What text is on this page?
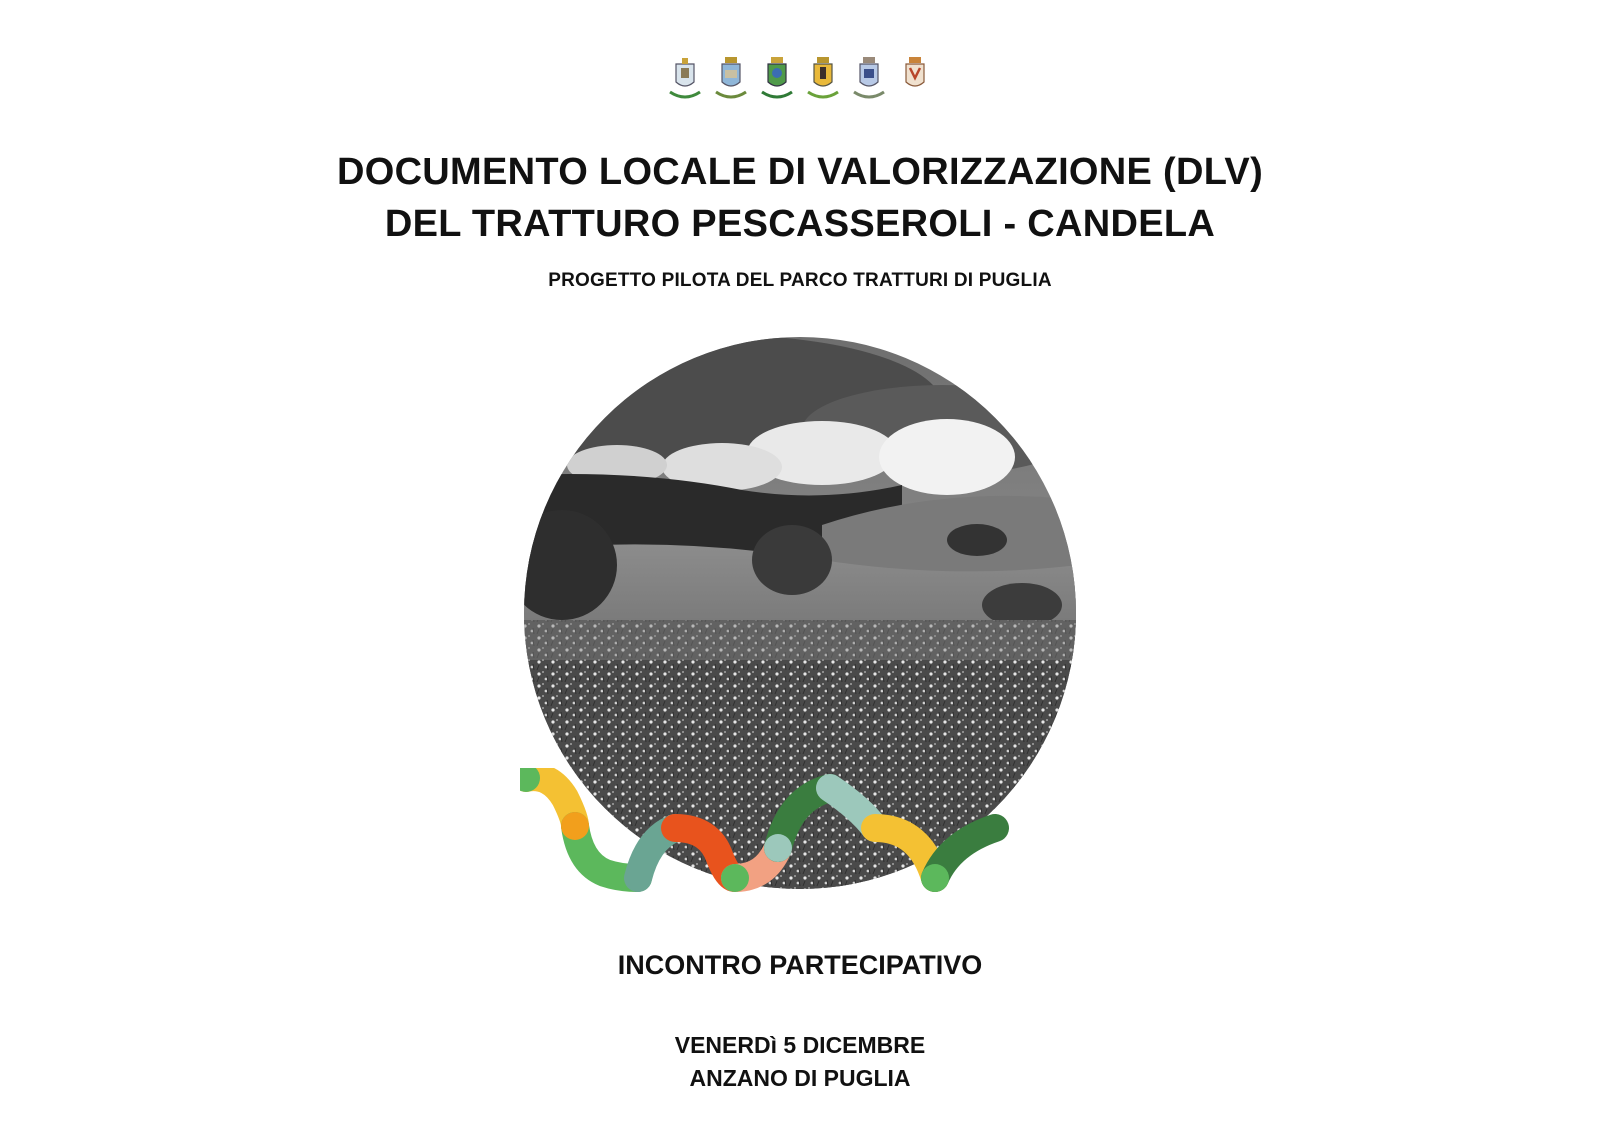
DOCUMENTO LOCALE DI VALORIZZAZIONE (DLV)
DEL TRATTURO PESCASSEROLI - CANDELA

PROGETTO PILOTA DEL PARCO TRATTURI DI PUGLIA

INCONTRO PARTECIPATIVO

VENERDì 5 DICEMBRE

ANZANO DI PUGLIA
